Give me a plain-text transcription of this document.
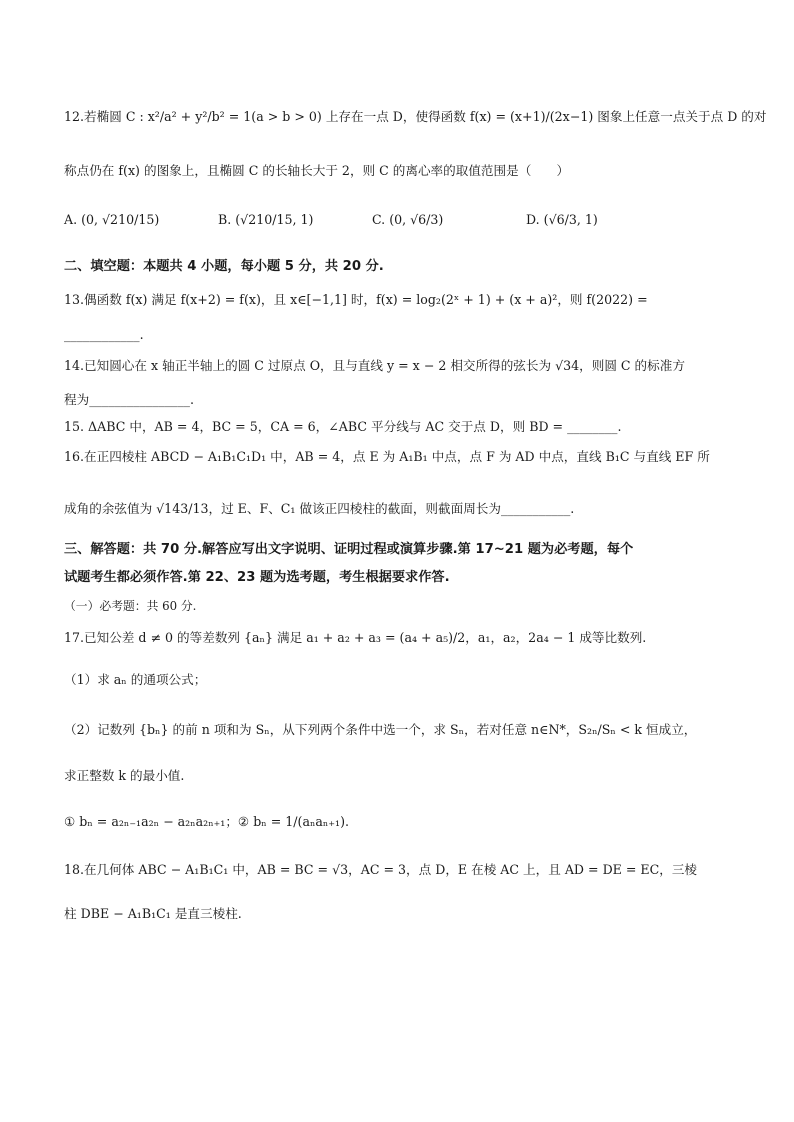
12.若椭圆 C : x²/a² + y²/b² = 1(a > b > 0) 上存在一点 D，使得函数 f(x) = (x+1)/(2x−1) 图象上任意一点关于点 D 的对
称点仍在 f(x) 的图象上，且椭圆 C 的长轴长大于 2，则 C 的离心率的取值范围是（　　）
A. (0, √210/15)	B. (√210/15, 1)	C. (0, √6/3)	D. (√6/3, 1)
二、填空题：本题共 4 小题，每小题 5 分，共 20 分.
13.偶函数 f(x) 满足 f(x+2) = f(x)，且 x∈[−1,1] 时，f(x) = log₂(2ˣ + 1) + (x + a)²，则 f(2022) =
____________.
14.已知圆心在 x 轴正半轴上的圆 C 过原点 O，且与直线 y = x − 2 相交所得的弦长为 √34，则圆 C 的标准方
程为________________.
15. ΔABC 中，AB = 4，BC = 5，CA = 6，∠ABC 平分线与 AC 交于点 D，则 BD = ________.
16.在正四棱柱 ABCD − A₁B₁C₁D₁ 中，AB = 4，点 E 为 A₁B₁ 中点，点 F 为 AD 中点，直线 B₁C 与直线 EF 所
成角的余弦值为 √143/13，过 E、F、C₁ 做该正四棱柱的截面，则截面周长为___________.
三、解答题：共 70 分.解答应写出文字说明、证明过程或演算步骤.第 17~21 题为必考题，每个
试题考生都必须作答.第 22、23 题为选考题，考生根据要求作答.
（一）必考题：共 60 分.
17.已知公差 d ≠ 0 的等差数列 {aₙ} 满足 a₁ + a₂ + a₃ = (a₄ + a₅)/2，a₁，a₂，2a₄ − 1 成等比数列.
（1）求 aₙ 的通项公式；
（2）记数列 {bₙ} 的前 n 项和为 Sₙ，从下列两个条件中选一个，求 Sₙ，若对任意 n∈N*，S₂ₙ/Sₙ < k 恒成立，
求正整数 k 的最小值.
① bₙ = a₂ₙ₋₁a₂ₙ − a₂ₙa₂ₙ₊₁；② bₙ = 1/(aₙaₙ₊₁).
18.在几何体 ABC − A₁B₁C₁ 中，AB = BC = √3，AC = 3，点 D，E 在棱 AC 上，且 AD = DE = EC，三棱
柱 DBE − A₁B₁C₁ 是直三棱柱.
